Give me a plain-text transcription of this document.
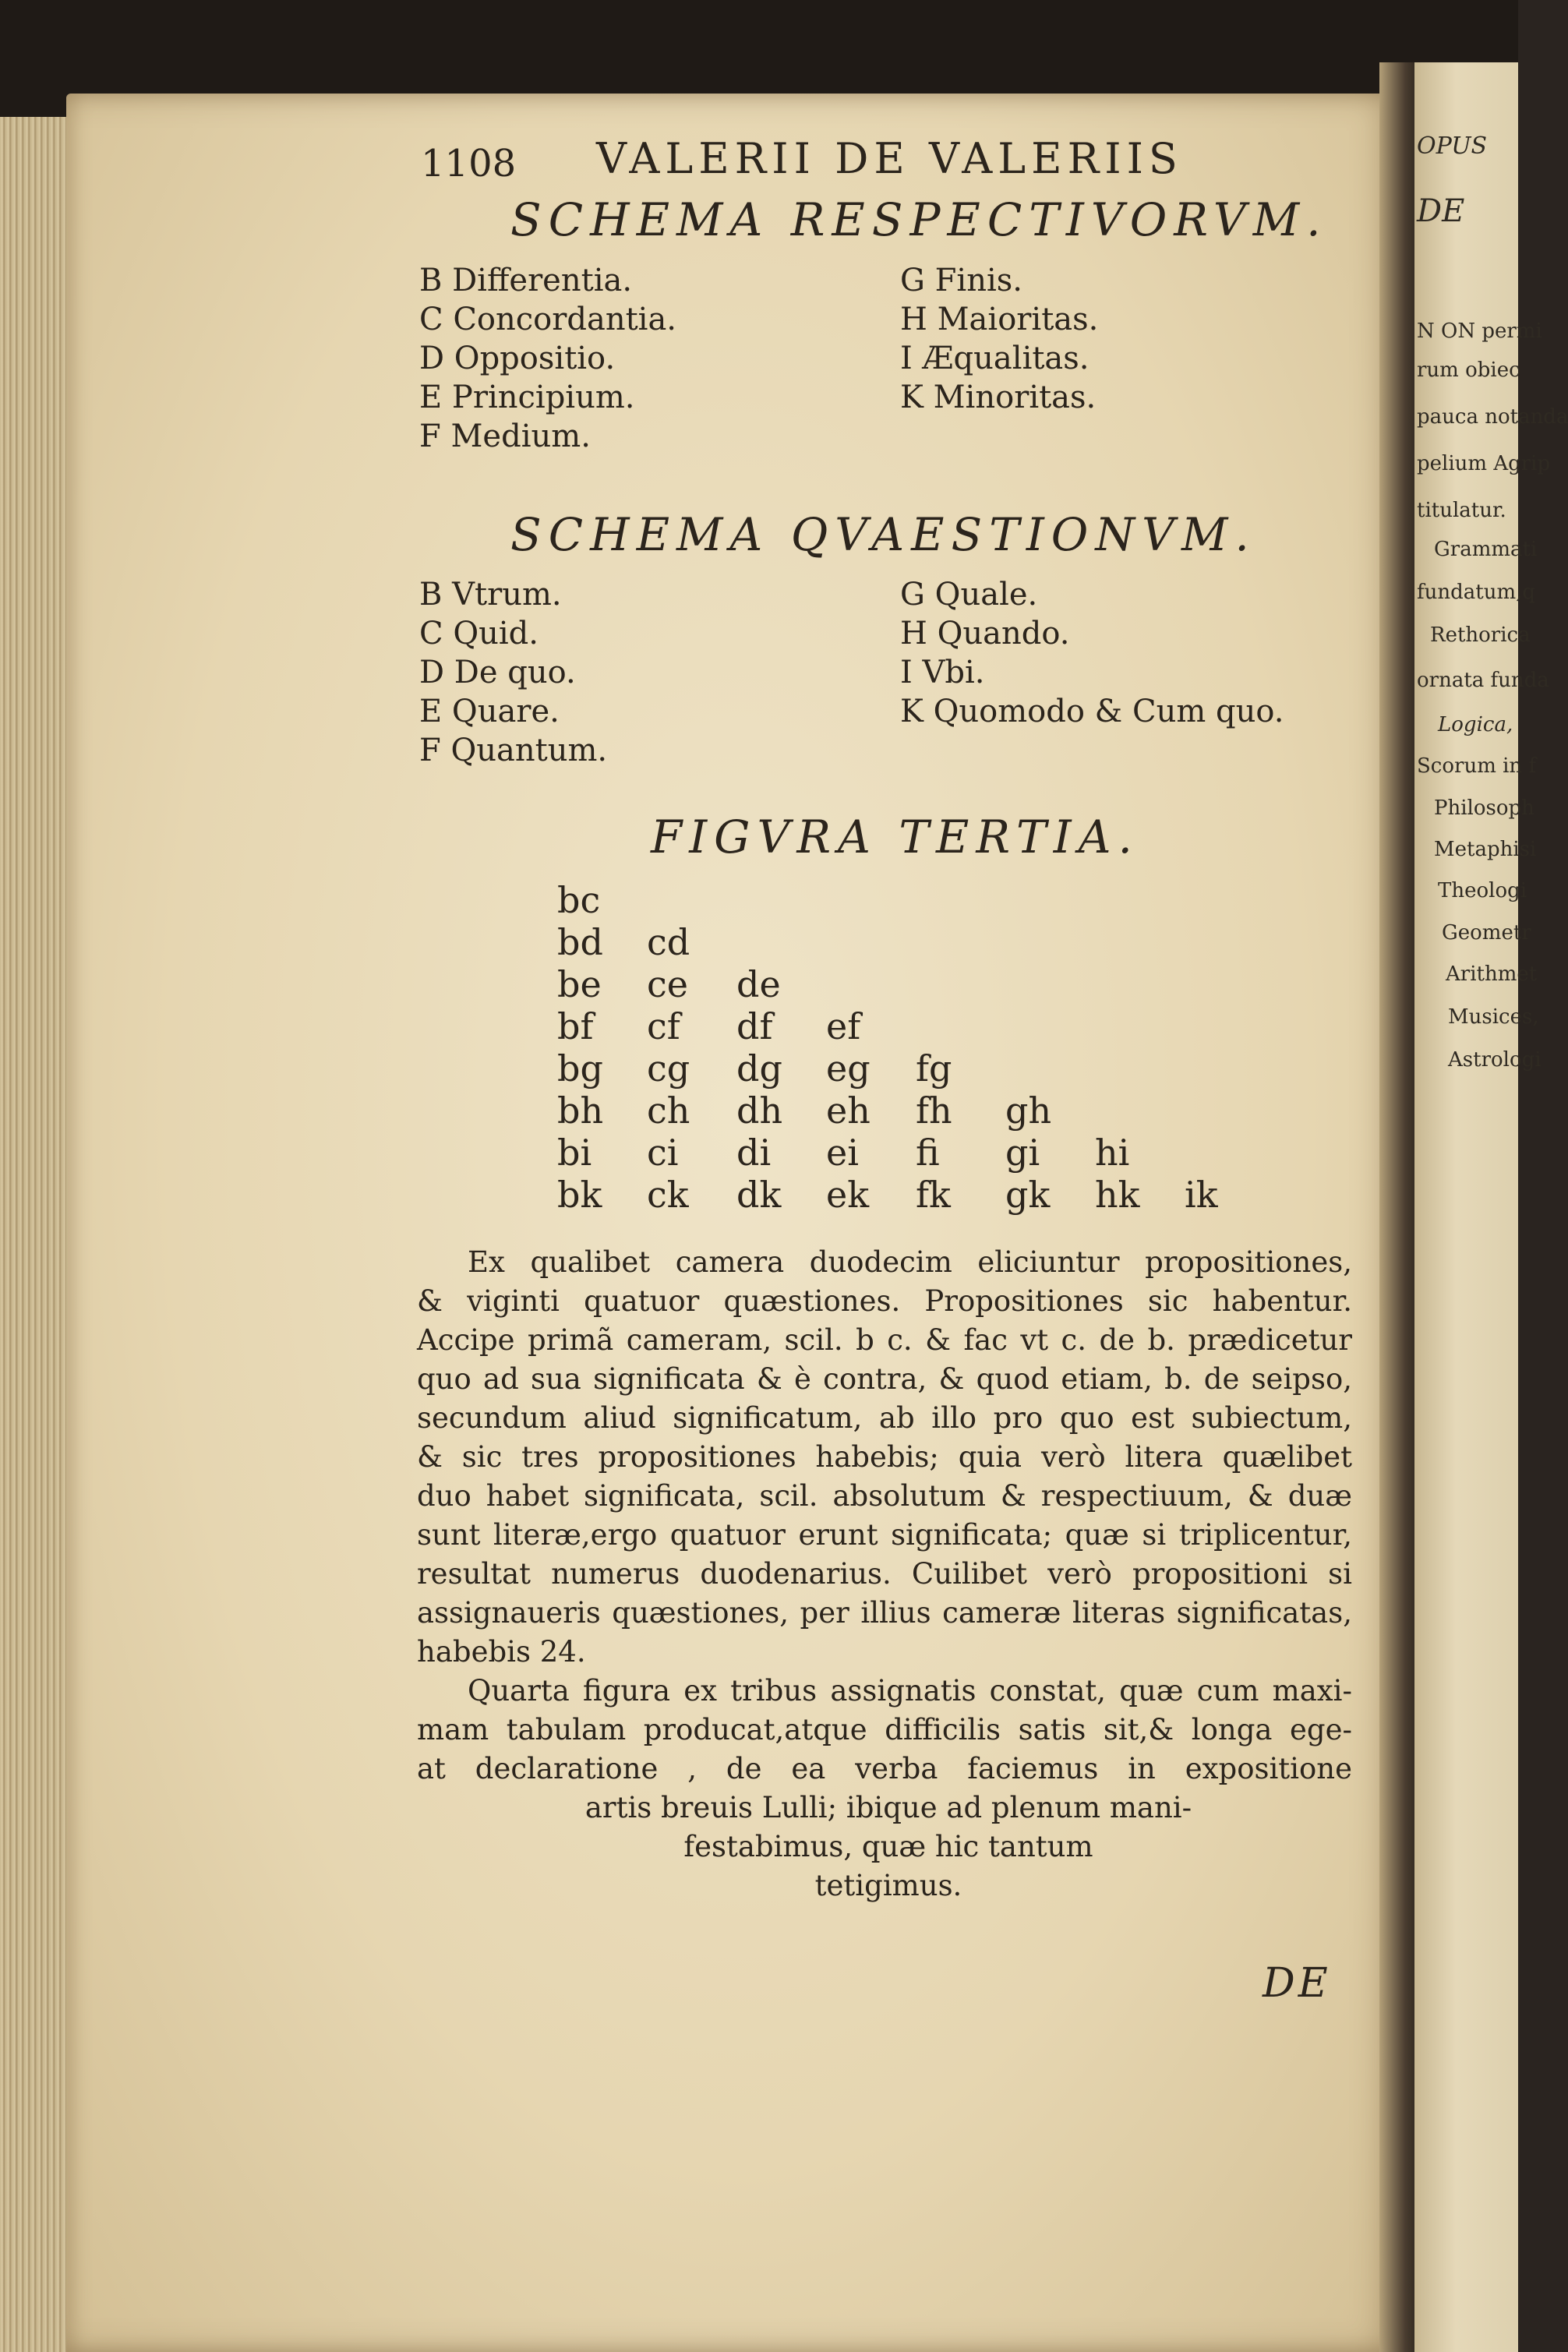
1108 VALERII DE VALERIIS
SCHEMA RESPECTIVORVM.
B Differentia.
C Concordantia.
D Oppositio.
E Principium.
F Medium.
G Finis.
H Maioritas.
I Æqualitas.
K Minoritas.
SCHEMA QVAESTIONVM.
B Vtrum.
C Quid.
D De quo.
E Quare.
F Quantum.
G Quale.
H Quando.
I Vbi.
K Quomodo & Cum quo.
FIGVRA TERTIA.
bc
bd cd
be ce de
bf cf df ef
bg cg dg eg fg
bh ch dh eh fh gh
bi ci di ei fi gi hi
bk ck dk ek fk gk hk ik
Ex qualibet camera duodecim eliciuntur propositiones,
& viginti quatuor quæstiones. Propositiones sic habentur.
Accipe primã cameram, scil. b c. & fac vt c. de b. prædicetur
quo ad sua significata & è contra, & quod etiam, b. de seipso,
secundum aliud significatum, ab illo pro quo est subiectum,
& sic tres propositiones habebis; quia verò litera quælibet
duo habet significata, scil. absolutum & respectiuum, & duæ
sunt literæ,ergo quatuor erunt significata; quæ si triplicentur,
resultat numerus duodenarius. Cuilibet verò propositioni si
assignaueris quæstiones, per illius cameræ literas significatas,
habebis 24.
Quarta figura ex tribus assignatis constat, quæ cum maxi-
mam tabulam producat,atque difficilis satis sit,& longa ege-
at declaratione , de ea verba faciemus in expositione
artis breuis Lulli; ibique ad plenum mani-
festabimus, quæ hic tantum
tetigimus.
DE
OPUS
DE
N ON permi
rum obiec
pauca notanda
pelium Agrip
titulatur.
Grammati
fundatum,q
Rethorica
ornata funda
Logica,
Scorum in f
Philosoph
Metaphisi
Theologi
Geometr
Arithmet
Musices,
Astrologi
